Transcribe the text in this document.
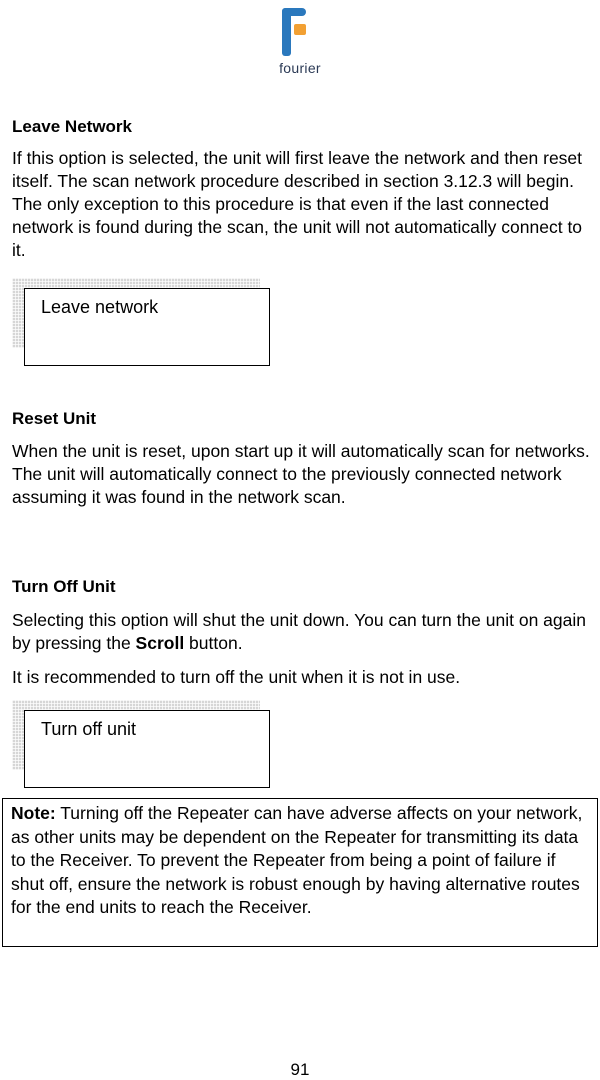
fourier
Leave Network

If this option is selected, the unit will first leave the network and then reset itself. The scan network procedure described in section 3.12.3 will begin. The only exception to this procedure is that even if the last connected network is found during the scan, the unit will not automatically connect to it.

Leave network
Reset Unit

When the unit is reset, upon start up it will automatically scan for networks. The unit will automatically connect to the previously connected network assuming it was found in the network scan.

Turn Off Unit

Selecting this option will shut the unit down. You can turn the unit on again by pressing the Scroll button.

It is recommended to turn off the unit when it is not in use.

Turn off unit
Note: Turning off the Repeater can have adverse affects on your network, as other units may be dependent on the Repeater for transmitting its data to the Receiver. To prevent the Repeater from being a point of failure if shut off, ensure the network is robust enough by having alternative routes for the end units to reach the Receiver.
91
